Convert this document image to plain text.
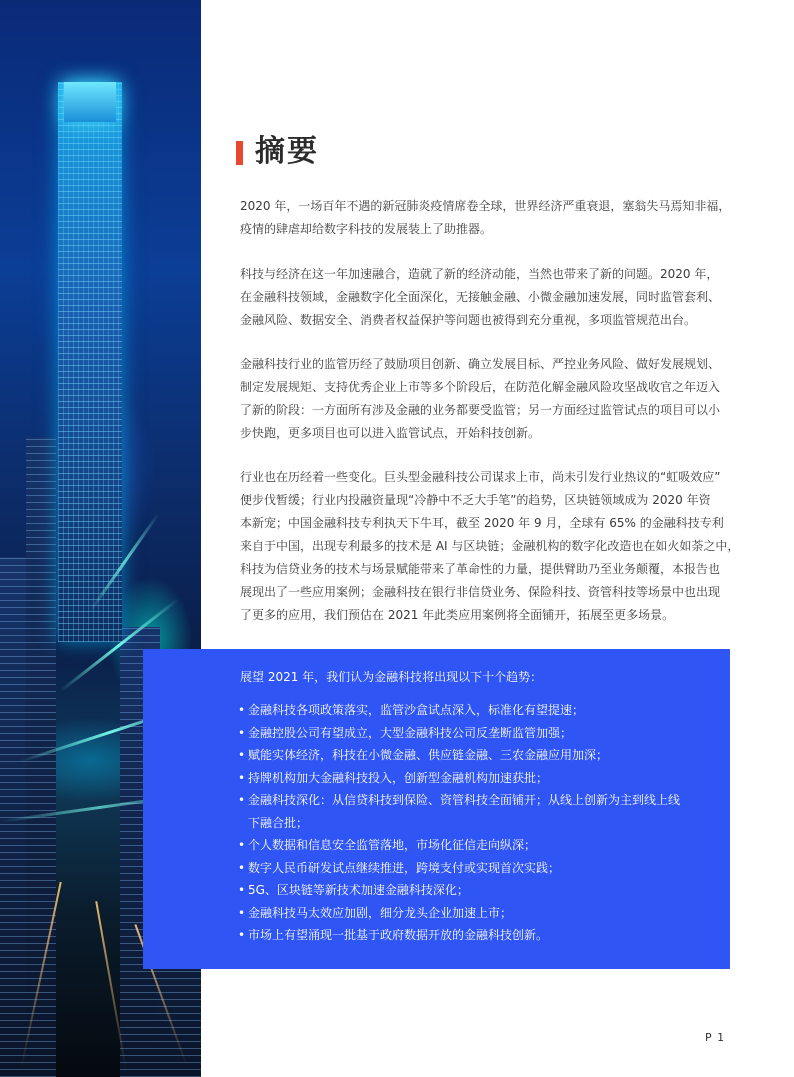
摘要
2020 年，一场百年不遇的新冠肺炎疫情席卷全球，世界经济严重衰退，塞翁失马焉知非福，
疫情的肆虐却给数字科技的发展装上了助推器。
科技与经济在这一年加速融合，造就了新的经济动能，当然也带来了新的问题。2020 年，
在金融科技领域，金融数字化全面深化，无接触金融、小微金融加速发展，同时监管套利、
金融风险、数据安全、消费者权益保护等问题也被得到充分重视，多项监管规范出台。
金融科技行业的监管历经了鼓励项目创新、确立发展目标、严控业务风险、做好发展规划、
制定发展规矩、支持优秀企业上市等多个阶段后，在防范化解金融风险攻坚战收官之年迈入
了新的阶段：一方面所有涉及金融的业务都要受监管；另一方面经过监管试点的项目可以小
步快跑，更多项目也可以进入监管试点，开始科技创新。
行业也在历经着一些变化。巨头型金融科技公司谋求上市，尚未引发行业热议的“虹吸效应”
便步伐暂缓；行业内投融资量现“冷静中不乏大手笔”的趋势，区块链领域成为 2020 年资
本新宠；中国金融科技专利执天下牛耳，截至 2020 年 9 月，全球有 65% 的金融科技专利
来自于中国，出现专利最多的技术是 AI 与区块链；金融机构的数字化改造也在如火如荼之中，
科技为信贷业务的技术与场景赋能带来了革命性的力量，提供臂助乃至业务颠覆，本报告也
展现出了一些应用案例；金融科技在银行非信贷业务、保险科技、资管科技等场景中也出现
了更多的应用，我们预估在 2021 年此类应用案例将全面铺开，拓展至更多场景。
展望 2021 年，我们认为金融科技将出现以下十个趋势：
• 金融科技各项政策落实，监管沙盒试点深入，标准化有望提速；
• 金融控股公司有望成立，大型金融科技公司反垄断监管加强；
• 赋能实体经济，科技在小微金融、供应链金融、三农金融应用加深；
• 持牌机构加大金融科技投入，创新型金融机构加速获批；
• 金融科技深化：从信贷科技到保险、资管科技全面铺开；从线上创新为主到线上线
下融合批；
• 个人数据和信息安全监管落地，市场化征信走向纵深；
• 数字人民币研发试点继续推进，跨境支付或实现首次实践；
• 5G、区块链等新技术加速金融科技深化；
• 金融科技马太效应加剧，细分龙头企业加速上市；
• 市场上有望涌现一批基于政府数据开放的金融科技创新。
P 1
